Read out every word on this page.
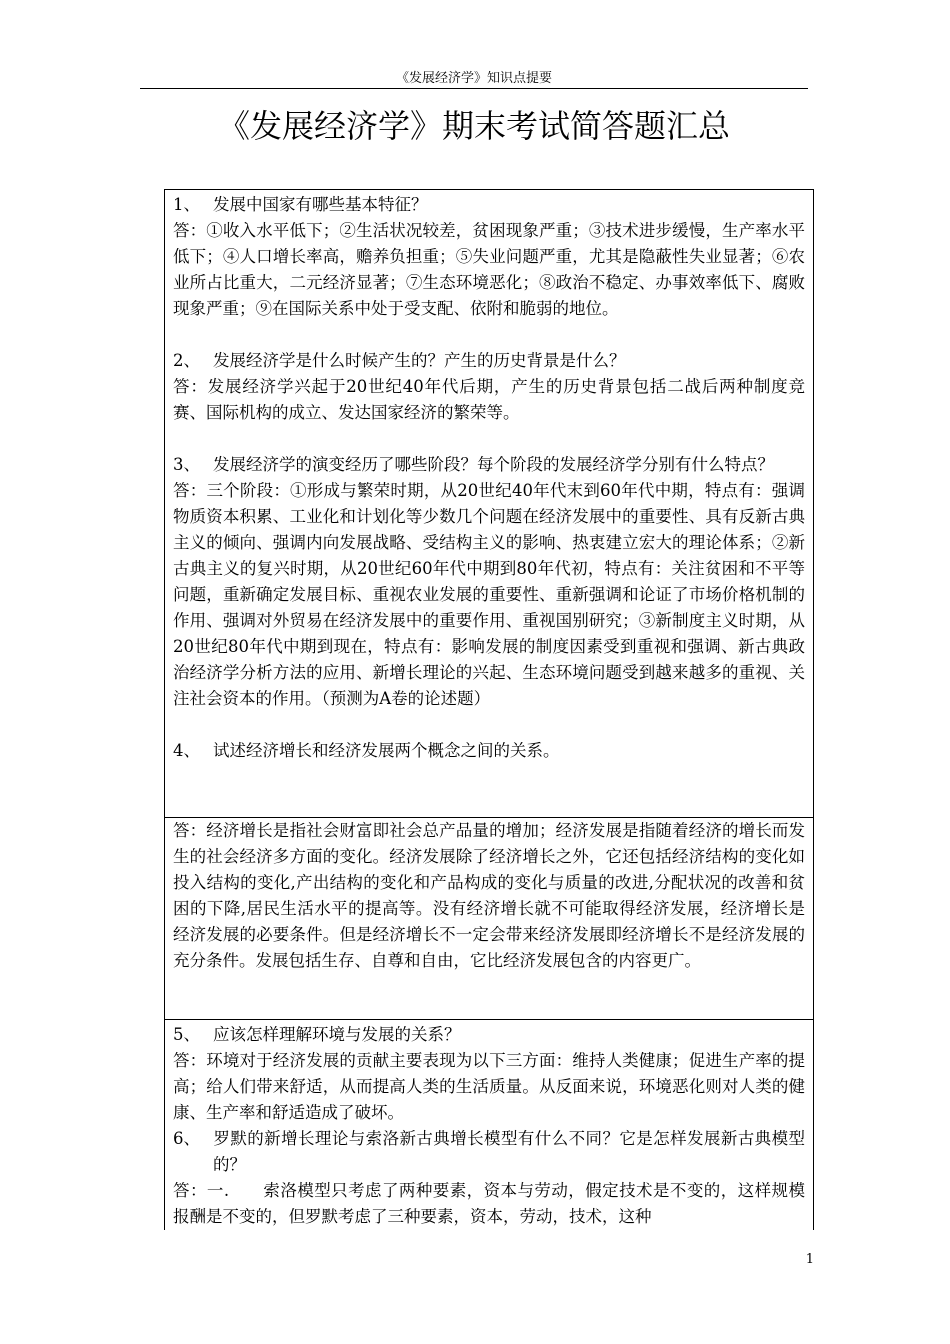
《发展经济学》知识点提要
《发展经济学》期末考试简答题汇总

1、 发展中国家有哪些基本特征？

答：①收入水平低下；②生活状况较差，贫困现象严重；③技术进步缓慢，生产率水平低下；④人口增长率高，赡养负担重；⑤失业问题严重，尤其是隐蔽性失业显著；⑥农业所占比重大，二元经济显著；⑦生态环境恶化；⑧政治不稳定、办事效率低下、腐败现象严重；⑨在国际关系中处于受支配、依附和脆弱的地位。

2、 发展经济学是什么时候产生的？产生的历史背景是什么？

答：发展经济学兴起于20世纪40年代后期，产生的历史背景包括二战后两种制度竞赛、国际机构的成立、发达国家经济的繁荣等。

3、 发展经济学的演变经历了哪些阶段？每个阶段的发展经济学分别有什么特点？

答：三个阶段：①形成与繁荣时期，从20世纪40年代末到60年代中期，特点有：强调物质资本积累、工业化和计划化等少数几个问题在经济发展中的重要性、具有反新古典主义的倾向、强调内向发展战略、受结构主义的影响、热衷建立宏大的理论体系；②新古典主义的复兴时期，从20世纪60年代中期到80年代初，特点有：关注贫困和不平等问题，重新确定发展目标、重视农业发展的重要性、重新强调和论证了市场价格机制的作用、强调对外贸易在经济发展中的重要作用、重视国别研究；③新制度主义时期，从20世纪80年代中期到现在，特点有：影响发展的制度因素受到重视和强调、新古典政治经济学分析方法的应用、新增长理论的兴起、生态环境问题受到越来越多的重视、关注社会资本的作用。（预测为A卷的论述题）

4、 试述经济增长和经济发展两个概念之间的关系。

答：经济增长是指社会财富即社会总产品量的增加；经济发展是指随着经济的增长而发生的社会经济多方面的变化。经济发展除了经济增长之外，它还包括经济结构的变化如投入结构的变化,产出结构的变化和产品构成的变化与质量的改进,分配状况的改善和贫困的下降,居民生活水平的提高等。没有经济增长就不可能取得经济发展，经济增长是经济发展的必要条件。但是经济增长不一定会带来经济发展即经济增长不是经济发展的充分条件。发展包括生存、自尊和自由，它比经济发展包含的内容更广。

5、 应该怎样理解环境与发展的关系？

答：环境对于经济发展的贡献主要表现为以下三方面：维持人类健康；促进生产率的提高；给人们带来舒适，从而提高人类的生活质量。从反面来说，环境恶化则对人类的健康、生产率和舒适造成了破坏。

6、 罗默的新增长理论与索洛新古典增长模型有什么不同？它是怎样发展新古典模型的？

答：一.　　索洛模型只考虑了两种要素，资本与劳动，假定技术是不变的，这样规模报酬是不变的，但罗默考虑了三种要素，资本，劳动，技术，这种

1
